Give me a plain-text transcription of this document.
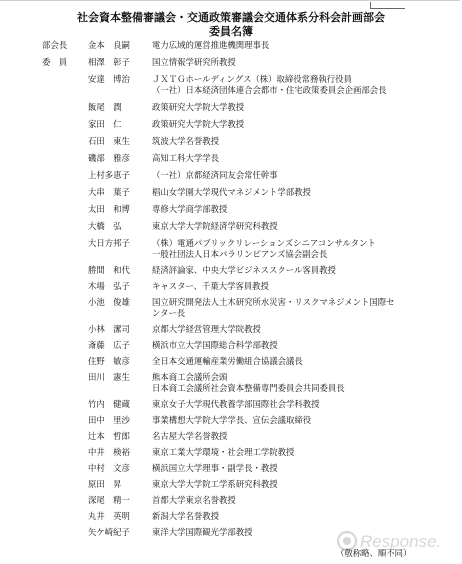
社会資本整備審議会・交通政策審議会交通体系分科会計画部会
委員名簿
部会長	金本　良嗣	電力広域的運営推進機関理事長
委　員	相澤　彰子	国立情報学研究所教授
安達　博治	ＪＸＴＧホールディングス（株）取締役常務執行役員
（一社）日本経済団体連合会都市・住宅政策委員会企画部会長
飯尾　潤	政策研究大学院大学教授
家田　仁	政策研究大学院大学教授
石田　東生	筑波大学名誉教授
磯部　雅彦	高知工科大学学長
上村多恵子	（一社）京都経済同友会常任幹事
大串　葉子	椙山女学園大学現代マネジメント学部教授
太田　和博	専修大学商学部教授
大橋　弘	東京大学大学院経済学研究科教授
大日方邦子	（株）電通パブリックリレーションズシニアコンサルタント
一般社団法人日本パラリンピアンズ協会副会長
勝間　和代	経済評論家、中央大学ビジネススクール客員教授
木場　弘子	キャスター、千葉大学客員教授
小池　俊雄	国立研究開発法人土木研究所水災害・リスクマネジメント国際セ
ンター長
小林　潔司	京都大学経営管理大学院教授
斎藤　広子	横浜市立大学国際総合科学部教授
住野　敏彦	全日本交通運輸産業労働組合協議会議長
田川　憲生	熊本商工会議所会頭
日本商工会議所社会資本整備専門委員会共同委員長
竹内　健蔵	東京女子大学現代教養学部国際社会学科教授
田中　里沙	事業構想大学院大学学長、宣伝会議取締役
辻本　哲郎	名古屋大学名誉教授
中井　検裕	東京工業大学環境・社会理工学院教授
中村　文彦	横浜国立大学理事・副学長・教授
原田　昇	東京大学大学院工学系研究科教授
深尾　精一	首都大学東京名誉教授
丸井　英明	新潟大学名誉教授
矢ケ崎紀子	東洋大学国際観光学部教授	Response.
（敬称略、順不同）
